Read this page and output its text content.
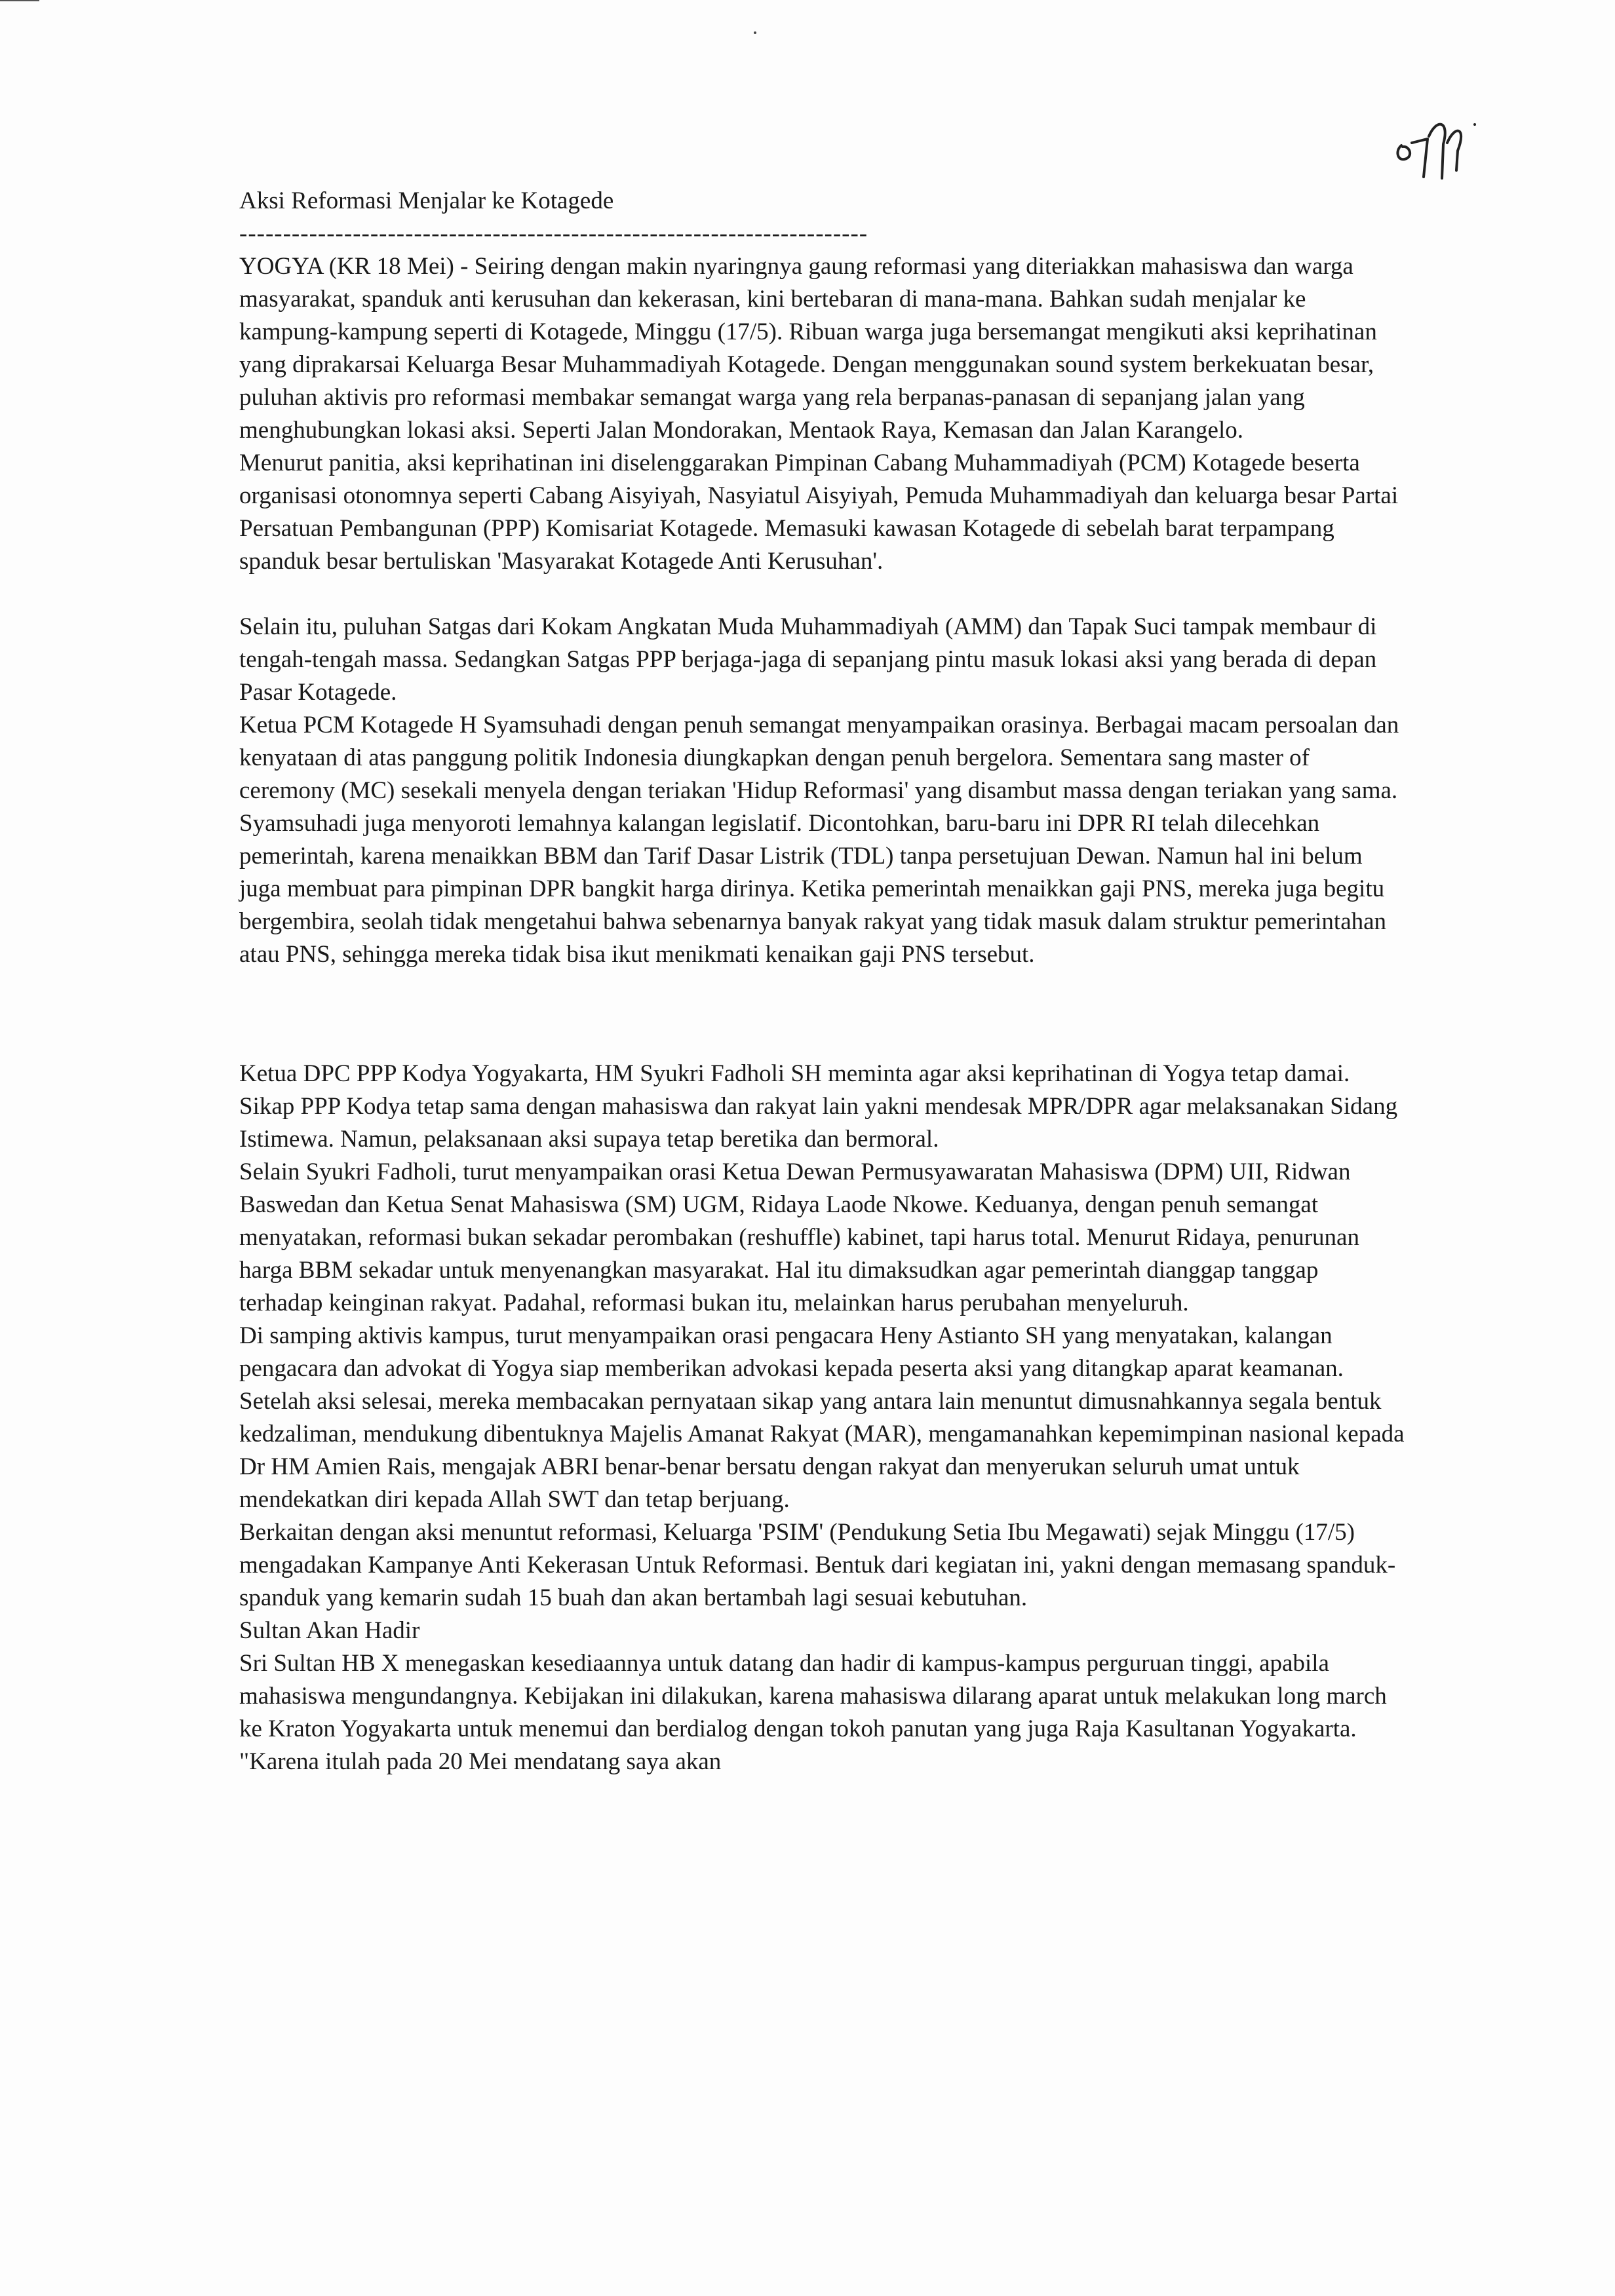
Aksi Reformasi Menjalar ke Kotagede

------------------------------------------------------------------------

YOGYA (KR 18 Mei) - Seiring dengan makin nyaringnya gaung reformasi yang diteriakkan mahasiswa dan warga masyarakat, spanduk anti kerusuhan dan kekerasan, kini bertebaran di mana-mana. Bahkan sudah menjalar ke kampung-kampung seperti di Kotagede, Minggu (17/5). Ribuan warga juga bersemangat mengikuti aksi keprihatinan yang diprakarsai Keluarga Besar Muhammadiyah Kotagede. Dengan menggunakan sound system berkekuatan besar, puluhan aktivis pro reformasi membakar semangat warga yang rela berpanas-panasan di sepanjang jalan yang menghubungkan lokasi aksi. Seperti Jalan Mondorakan, Mentaok Raya, Kemasan dan Jalan Karangelo.

Menurut panitia, aksi keprihatinan ini diselenggarakan Pimpinan Cabang Muhammadiyah (PCM) Kotagede beserta organisasi otonomnya seperti Cabang Aisyiyah, Nasyiatul Aisyiyah, Pemuda Muhammadiyah dan keluarga besar Partai Persatuan Pembangunan (PPP) Komisariat Kotagede. Memasuki kawasan Kotagede di sebelah barat terpampang spanduk besar bertuliskan 'Masyarakat Kotagede Anti Kerusuhan'.

Selain itu, puluhan Satgas dari Kokam Angkatan Muda Muhammadiyah (AMM) dan Tapak Suci tampak membaur di tengah-tengah massa. Sedangkan Satgas PPP berjaga-jaga di sepanjang pintu masuk lokasi aksi yang berada di depan Pasar Kotagede.

Ketua PCM Kotagede H Syamsuhadi dengan penuh semangat menyampaikan orasinya. Berbagai macam persoalan dan kenyataan di atas panggung politik Indonesia diungkapkan dengan penuh bergelora. Sementara sang master of ceremony (MC) sesekali menyela dengan teriakan 'Hidup Reformasi' yang disambut massa dengan teriakan yang sama.

Syamsuhadi juga menyoroti lemahnya kalangan legislatif. Dicontohkan, baru-baru ini DPR RI telah dilecehkan pemerintah, karena menaikkan BBM dan Tarif Dasar Listrik (TDL) tanpa persetujuan Dewan. Namun hal ini belum juga membuat para pimpinan DPR bangkit harga dirinya. Ketika pemerintah menaikkan gaji PNS, mereka juga begitu bergembira, seolah tidak mengetahui bahwa sebenarnya banyak rakyat yang tidak masuk dalam struktur pemerintahan atau PNS, sehingga mereka tidak bisa ikut menikmati kenaikan gaji PNS tersebut.

Ketua DPC PPP Kodya Yogyakarta, HM Syukri Fadholi SH meminta agar aksi keprihatinan di Yogya tetap damai. Sikap PPP Kodya tetap sama dengan mahasiswa dan rakyat lain yakni mendesak MPR/DPR agar melaksanakan Sidang Istimewa. Namun, pelaksanaan aksi supaya tetap beretika dan bermoral.

Selain Syukri Fadholi, turut menyampaikan orasi Ketua Dewan Permusyawaratan Mahasiswa (DPM) UII, Ridwan Baswedan dan Ketua Senat Mahasiswa (SM) UGM, Ridaya Laode Nkowe. Keduanya, dengan penuh semangat menyatakan, reformasi bukan sekadar perombakan (reshuffle) kabinet, tapi harus total. Menurut Ridaya, penurunan harga BBM sekadar untuk menyenangkan masyarakat. Hal itu dimaksudkan agar pemerintah dianggap tanggap terhadap keinginan rakyat. Padahal, reformasi bukan itu, melainkan harus perubahan menyeluruh.

Di samping aktivis kampus, turut menyampaikan orasi pengacara Heny Astianto SH yang menyatakan, kalangan pengacara dan advokat di Yogya siap memberikan advokasi kepada peserta aksi yang ditangkap aparat keamanan.

Setelah aksi selesai, mereka membacakan pernyataan sikap yang antara lain menuntut dimusnahkannya segala bentuk kedzaliman, mendukung dibentuknya Majelis Amanat Rakyat (MAR), mengamanahkan kepemimpinan nasional kepada Dr HM Amien Rais, mengajak ABRI benar-benar bersatu dengan rakyat dan menyerukan seluruh umat untuk mendekatkan diri kepada Allah SWT dan tetap berjuang.

Berkaitan dengan aksi menuntut reformasi, Keluarga 'PSIM' (Pendukung Setia Ibu Megawati) sejak Minggu (17/5) mengadakan Kampanye Anti Kekerasan Untuk Reformasi. Bentuk dari kegiatan ini, yakni dengan memasang spanduk-spanduk yang kemarin sudah 15 buah dan akan bertambah lagi sesuai kebutuhan.

Sultan Akan Hadir

Sri Sultan HB X menegaskan kesediaannya untuk datang dan hadir di kampus-kampus perguruan tinggi, apabila mahasiswa mengundangnya. Kebijakan ini dilakukan, karena mahasiswa dilarang aparat untuk melakukan long march ke Kraton Yogyakarta untuk menemui dan berdialog dengan tokoh panutan yang juga Raja Kasultanan Yogyakarta. "Karena itulah pada 20 Mei mendatang saya akan
